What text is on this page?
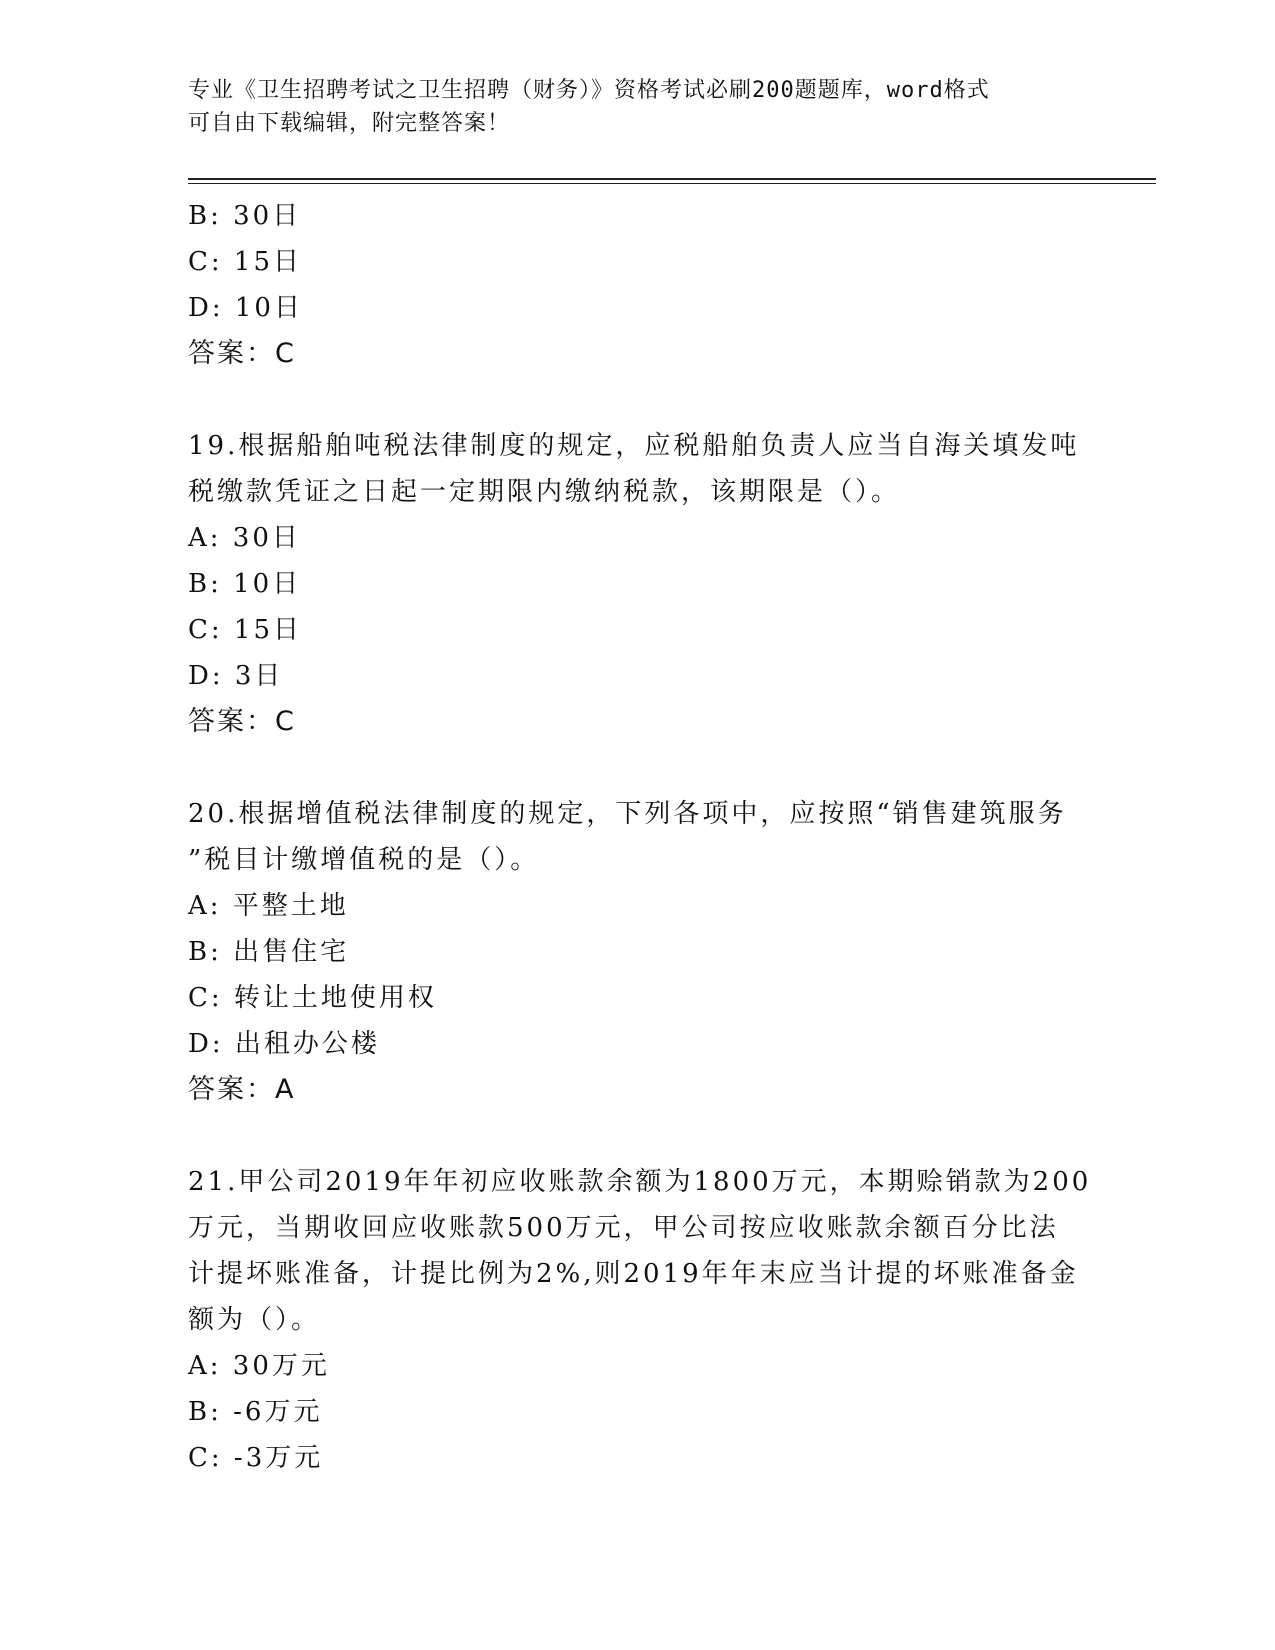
专业《卫生招聘考试之卫生招聘（财务）》资格考试必刷200题题库，word格式
可自由下载编辑，附完整答案！
B: 30日
C: 15日
D: 10日
答案：C
19.根据船舶吨税法律制度的规定，应税船舶负责人应当自海关填发吨
税缴款凭证之日起一定期限内缴纳税款，该期限是（）。
A: 30日
B: 10日
C: 15日
D: 3日
答案：C
20.根据增值税法律制度的规定，下列各项中，应按照“销售建筑服务
”税目计缴增值税的是（）。
A: 平整土地
B: 出售住宅
C: 转让土地使用权
D: 出租办公楼
答案：A
21.甲公司2019年年初应收账款余额为1800万元，本期赊销款为200
万元，当期收回应收账款500万元，甲公司按应收账款余额百分比法
计提坏账准备，计提比例为2%,则2019年年末应当计提的坏账准备金
额为（）。
A: 30万元
B: -6万元
C: -3万元
